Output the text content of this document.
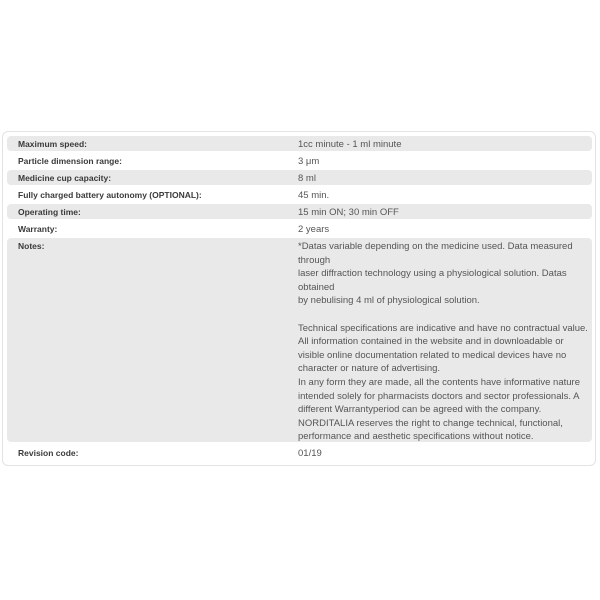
Maximum speed:	1cc minute - 1 ml minute
Particle dimension range:	3 μm
Medicine cup capacity:	8 ml
Fully charged battery autonomy (OPTIONAL):	45 min.
Operating time:	15 min ON; 30 min OFF
Warranty:	2 years
Notes:	*Datas variable depending on the medicine used. Data measured
through
laser diffraction technology using a physiological solution. Datas
obtained
by nebulising 4 ml of physiological solution.
Technical specifications are indicative and have no contractual value.
All information contained in the website and in downloadable or
visible online documentation related to medical devices have no
character or nature of advertising.
In any form they are made, all the contents have informative nature
intended solely for pharmacists doctors and sector professionals. A
different Warrantyperiod can be agreed with the company.
NORDITALIA reserves the right to change technical, functional,
performance and aesthetic specifications without notice.
Revision code:	01/19
